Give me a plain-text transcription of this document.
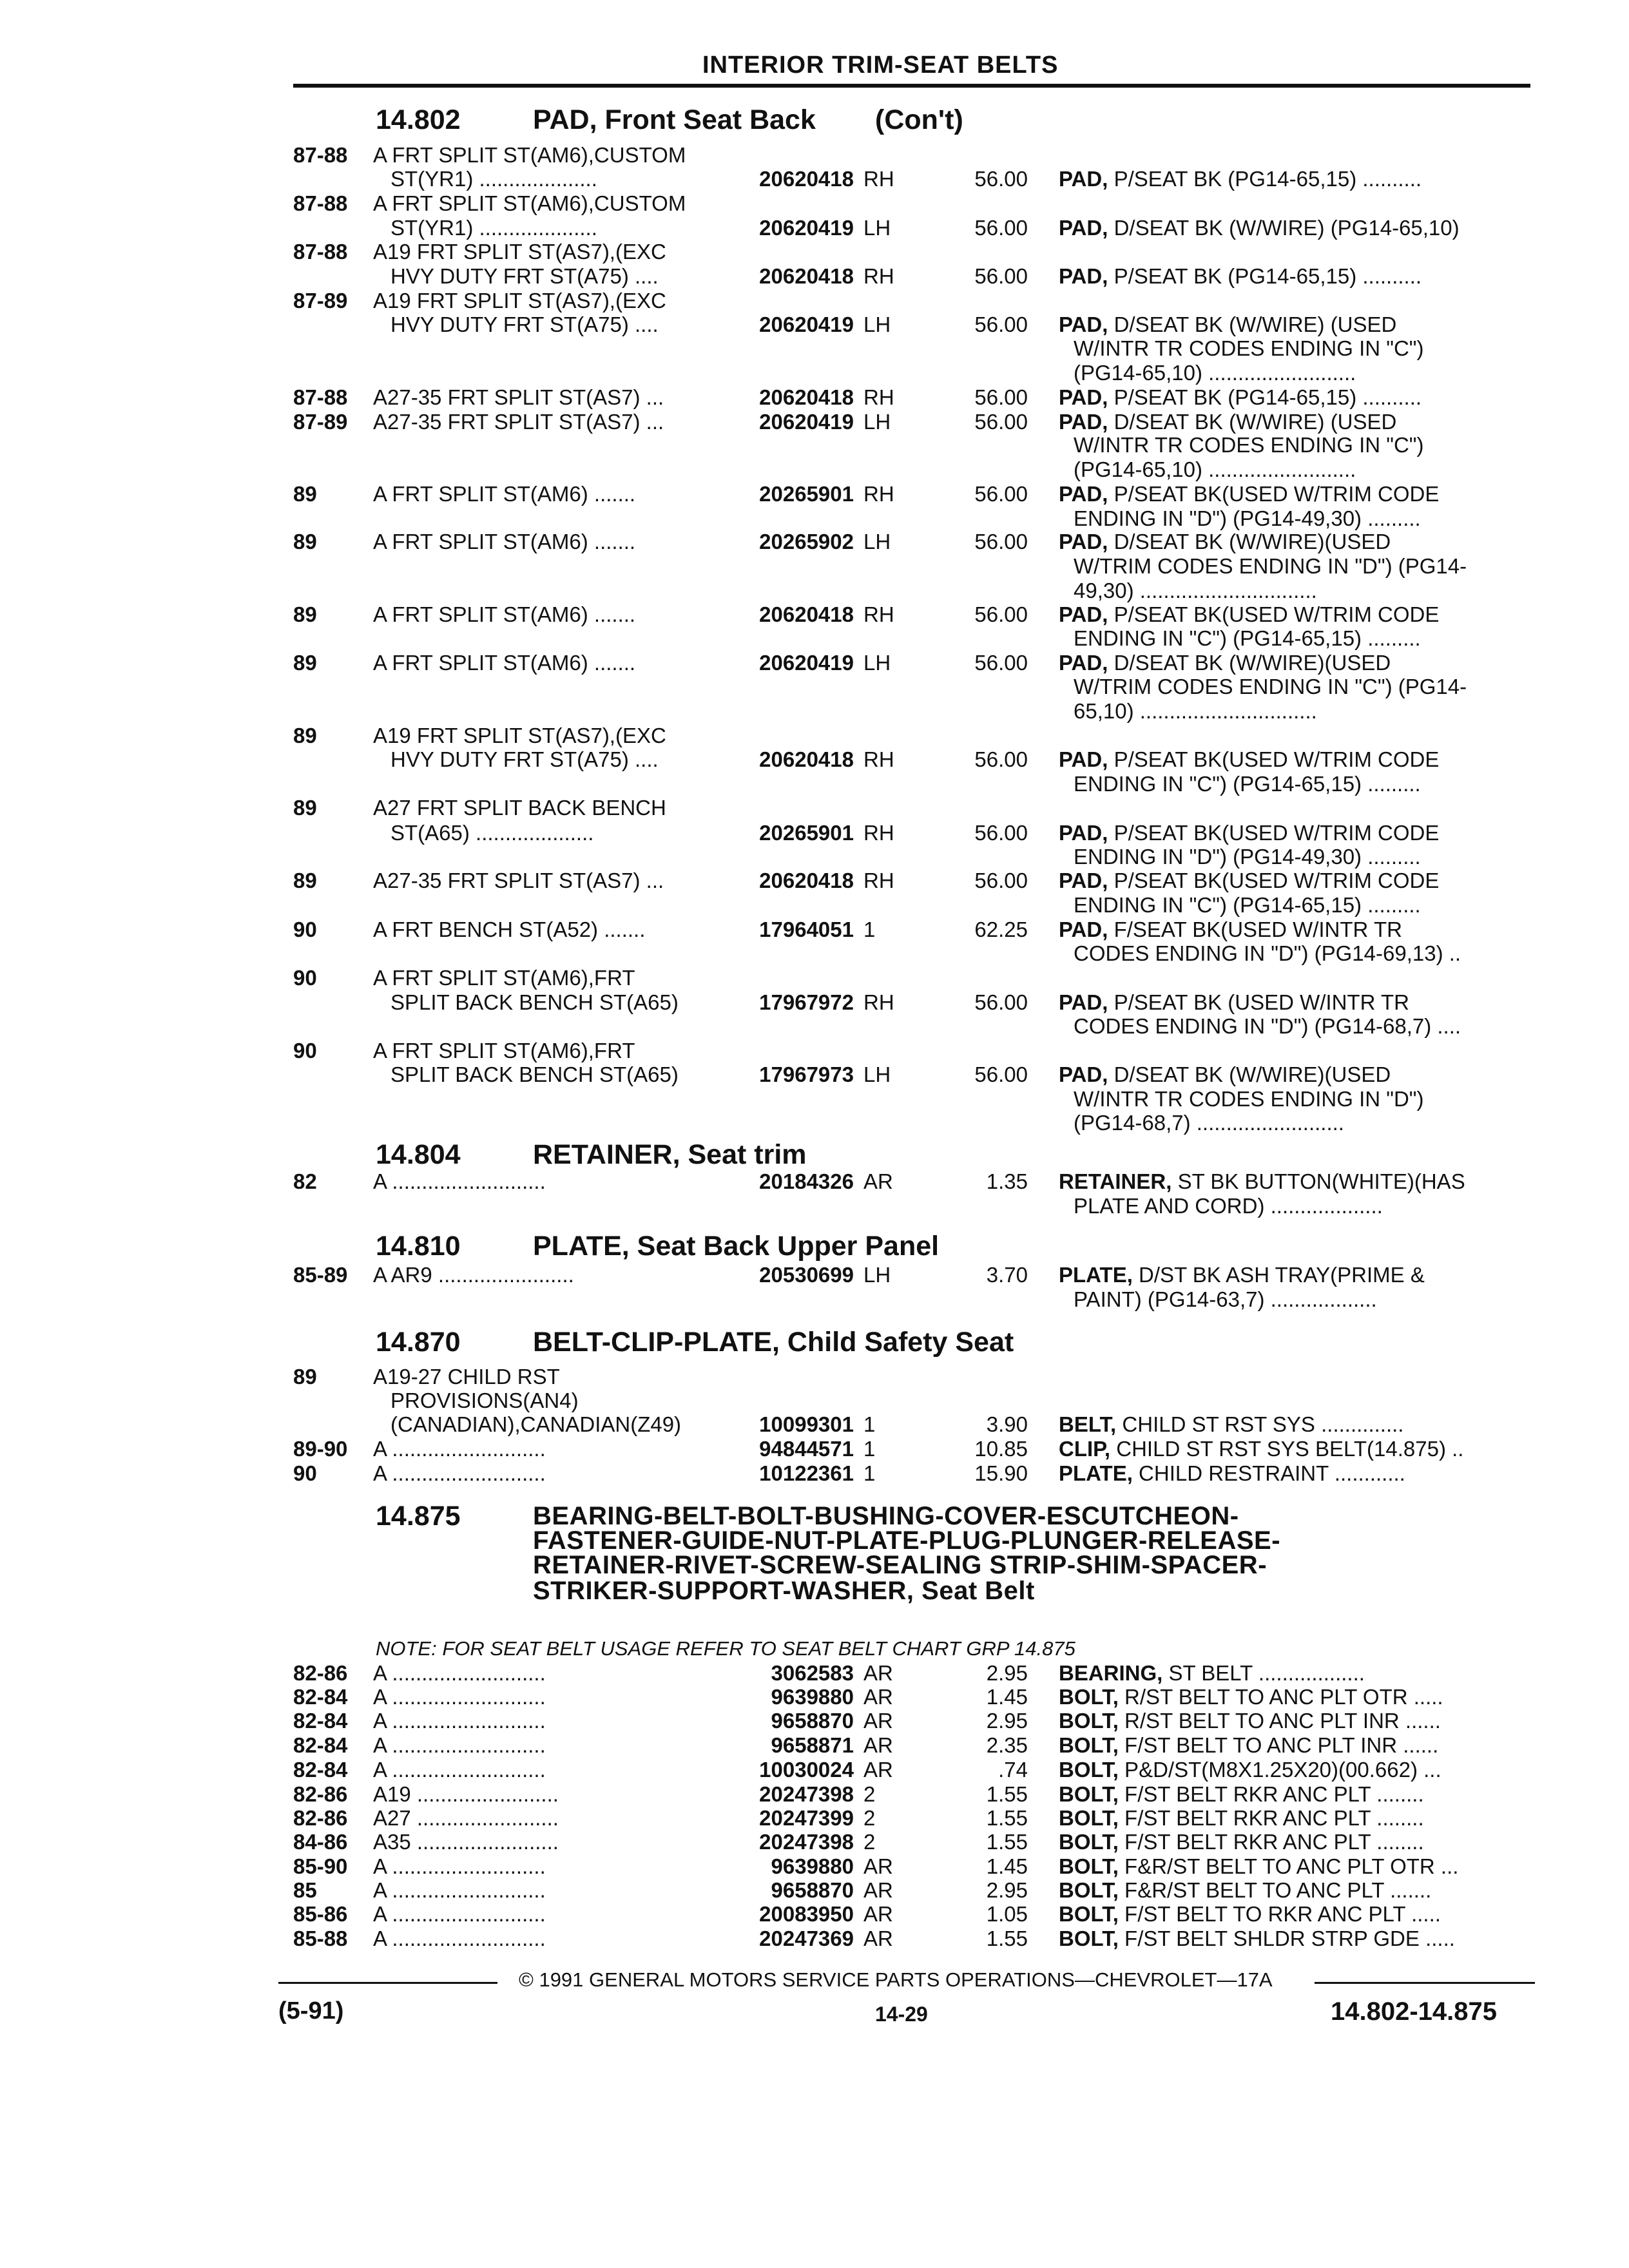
INTERIOR TRIM-SEAT BELTS
14.802	PAD, Front Seat Back (Con't)
14.804	RETAINER, Seat trim
14.810	PLATE, Seat Back Upper Panel
14.870	BELT-CLIP-PLATE, Child Safety Seat
14.875	BEARING-BELT-BOLT-BUSHING-COVER-ESCUTCHEON-
FASTENER-GUIDE-NUT-PLATE-PLUG-PLUNGER-RELEASE-
RETAINER-RIVET-SCREW-SEALING STRIP-SHIM-SPACER-
STRIKER-SUPPORT-WASHER, Seat Belt
NOTE: FOR SEAT BELT USAGE REFER TO SEAT BELT CHART GRP 14.875
87-88 A FRT SPLIT ST(AM6),CUSTOM
ST(YR1) ....................	20620418 RH	56.00 PAD, P/SEAT BK (PG14-65,15) ..........
87-88 A FRT SPLIT ST(AM6),CUSTOM
ST(YR1) ....................	20620419 LH	56.00 PAD, D/SEAT BK (W/WIRE) (PG14-65,10)
87-88 A19 FRT SPLIT ST(AS7),(EXC
HVY DUTY FRT ST(A75) ....	20620418 RH	56.00 PAD, P/SEAT BK (PG14-65,15) ..........
87-89 A19 FRT SPLIT ST(AS7),(EXC
HVY DUTY FRT ST(A75) ....	20620419 LH	56.00 PAD, D/SEAT BK (W/WIRE) (USED
W/INTR TR CODES ENDING IN "C")
(PG14-65,10) .........................
87-88 A27-35 FRT SPLIT ST(AS7) ...	20620418 RH	56.00 PAD, P/SEAT BK (PG14-65,15) ..........
87-89 A27-35 FRT SPLIT ST(AS7) ...	20620419 LH	56.00 PAD, D/SEAT BK (W/WIRE) (USED
W/INTR TR CODES ENDING IN "C")
(PG14-65,10) .........................
89	A FRT SPLIT ST(AM6) .......	20265901 RH	56.00 PAD, P/SEAT BK(USED W/TRIM CODE
ENDING IN "D") (PG14-49,30) .........
89	A FRT SPLIT ST(AM6) .......	20265902 LH	56.00 PAD, D/SEAT BK (W/WIRE)(USED
W/TRIM CODES ENDING IN "D") (PG14-
49,30) ..............................
89	A FRT SPLIT ST(AM6) .......	20620418 RH	56.00 PAD, P/SEAT BK(USED W/TRIM CODE
ENDING IN "C") (PG14-65,15) .........
89	A FRT SPLIT ST(AM6) .......	20620419 LH	56.00 PAD, D/SEAT BK (W/WIRE)(USED
W/TRIM CODES ENDING IN "C") (PG14-
65,10) ..............................
89	A19 FRT SPLIT ST(AS7),(EXC
HVY DUTY FRT ST(A75) ....	20620418 RH	56.00 PAD, P/SEAT BK(USED W/TRIM CODE
ENDING IN "C") (PG14-65,15) .........
89	A27 FRT SPLIT BACK BENCH
ST(A65) ....................	20265901 RH	56.00 PAD, P/SEAT BK(USED W/TRIM CODE
ENDING IN "D") (PG14-49,30) .........
89	A27-35 FRT SPLIT ST(AS7) ...	20620418 RH	56.00 PAD, P/SEAT BK(USED W/TRIM CODE
ENDING IN "C") (PG14-65,15) .........
90	A FRT BENCH ST(A52) .......	17964051 1	62.25 PAD, F/SEAT BK(USED W/INTR TR
CODES ENDING IN "D") (PG14-69,13) ..
90	A FRT SPLIT ST(AM6),FRT
SPLIT BACK BENCH ST(A65)	17967972 RH	56.00 PAD, P/SEAT BK (USED W/INTR TR
CODES ENDING IN "D") (PG14-68,7) ....
90	A FRT SPLIT ST(AM6),FRT
SPLIT BACK BENCH ST(A65)	17967973 LH	56.00 PAD, D/SEAT BK (W/WIRE)(USED
W/INTR TR CODES ENDING IN "D")
(PG14-68,7) .........................
82	A ..........................	20184326 AR	1.35 RETAINER, ST BK BUTTON(WHITE)(HAS
PLATE AND CORD) ...................
85-89 A AR9 .......................	20530699 LH	3.70 PLATE, D/ST BK ASH TRAY(PRIME &
PAINT) (PG14-63,7) ..................
89	A19-27 CHILD RST
PROVISIONS(AN4)
(CANADIAN),CANADIAN(Z49)	10099301 1	3.90 BELT, CHILD ST RST SYS ..............
89-90 A ..........................	94844571 1	10.85 CLIP, CHILD ST RST SYS BELT(14.875) ..
90	A ..........................	10122361 1	15.90 PLATE, CHILD RESTRAINT ............
82-86 A ..........................	3062583 AR	2.95 BEARING, ST BELT ..................
82-84 A ..........................	9639880 AR	1.45 BOLT, R/ST BELT TO ANC PLT OTR .....
82-84 A ..........................	9658870 AR	2.95 BOLT, R/ST BELT TO ANC PLT INR ......
82-84 A ..........................	9658871 AR	2.35 BOLT, F/ST BELT TO ANC PLT INR ......
82-84 A ..........................	10030024 AR	.74 BOLT, P&D/ST(M8X1.25X20)(00.662) ...
82-86 A19 ........................	20247398 2	1.55 BOLT, F/ST BELT RKR ANC PLT ........
82-86 A27 ........................	20247399 2	1.55 BOLT, F/ST BELT RKR ANC PLT ........
84-86 A35 ........................	20247398 2	1.55 BOLT, F/ST BELT RKR ANC PLT ........
85-90 A ..........................	9639880 AR	1.45 BOLT, F&R/ST BELT TO ANC PLT OTR ...
85	A ..........................	9658870 AR	2.95 BOLT, F&R/ST BELT TO ANC PLT .......
85-86 A ..........................	20083950 AR	1.05 BOLT, F/ST BELT TO RKR ANC PLT .....
85-88 A ..........................	20247369 AR	1.55 BOLT, F/ST BELT SHLDR STRP GDE .....
© 1991 GENERAL MOTORS SERVICE PARTS OPERATIONS—CHEVROLET—17A
(5-91)	14-29	14.802-14.875
